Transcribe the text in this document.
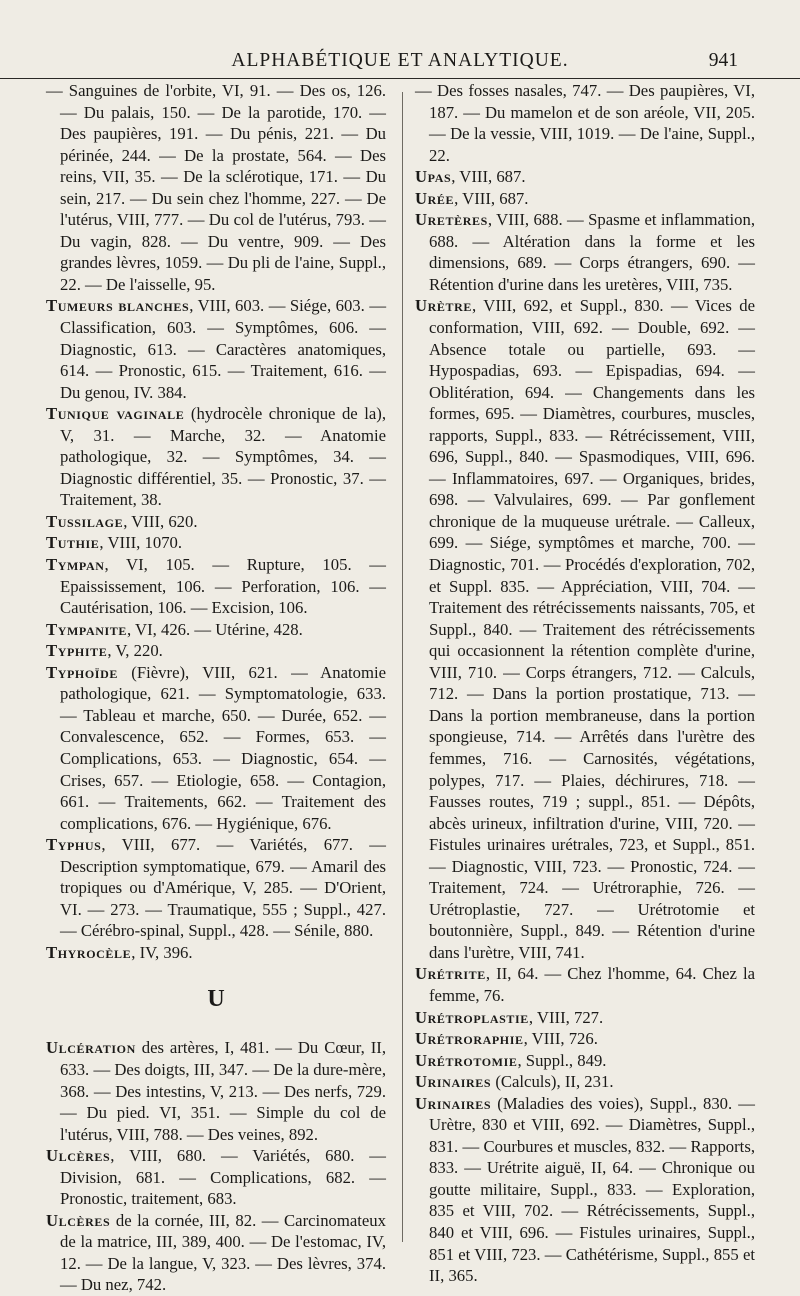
ALPHABÉTIQUE ET ANALYTIQUE.	941

— Sanguines de l'orbite, VI, 91. — Des os, 126. — Du palais, 150. — De la parotide, 170. — Des paupières, 191. — Du pénis, 221. — Du périnée, 244. — De la prostate, 564. — Des reins, VII, 35. — De la sclérotique, 171. — Du sein, 217. — Du sein chez l'homme, 227. — De l'utérus, VIII, 777. — Du col de l'utérus, 793. — Du vagin, 828. — Du ventre, 909. — Des grandes lèvres, 1059. — Du pli de l'aine, Suppl., 22. — De l'aisselle, 95.

Tumeurs blanches, VIII, 603. — Siége, 603. — Classification, 603. — Symptômes, 606. — Diagnostic, 613. — Caractères anatomiques, 614. — Pronostic, 615. — Traitement, 616. — Du genou, IV. 384.

Tunique vaginale (hydrocèle chronique de la), V, 31. — Marche, 32. — Anatomie pathologique, 32. — Symptômes, 34. — Diagnostic différentiel, 35. — Pronostic, 37. — Traitement, 38.

Tussilage, VIII, 620.

Tuthie, VIII, 1070.

Tympan, VI, 105. — Rupture, 105. — Epaississement, 106. — Perforation, 106. — Cautérisation, 106. — Excision, 106.

Tympanite, VI, 426. — Utérine, 428.

Typhite, V, 220.

Typhoïde (Fièvre), VIII, 621. — Anatomie pathologique, 621. — Symptomatologie, 633. — Tableau et marche, 650. — Durée, 652. — Convalescence, 652. — Formes, 653. — Complications, 653. — Diagnostic, 654. — Crises, 657. — Etiologie, 658. — Contagion, 661. — Traitements, 662. — Traitement des complications, 676. — Hygiénique, 676.

Typhus, VIII, 677. — Variétés, 677. — Description symptomatique, 679. — Amaril des tropiques ou d'Amérique, V, 285. — D'Orient, VI. — 273. — Traumatique, 555 ; Suppl., 427. — Cérébro-spinal, Suppl., 428. — Sénile, 880.

Thyrocèle, IV, 396.

U

Ulcération des artères, I, 481. — Du Cœur, II, 633. — Des doigts, III, 347. — De la dure-mère, 368. — Des intestins, V, 213. — Des nerfs, 729. — Du pied. VI, 351. — Simple du col de l'utérus, VIII, 788. — Des veines, 892.

Ulcères, VIII, 680. — Variétés, 680. — Division, 681. — Complications, 682. — Pronostic, traitement, 683.

Ulcères de la cornée, III, 82. — Carcinomateux de la matrice, III, 389, 400. — De l'estomac, IV, 12. — De la langue, V, 323. — Des lèvres, 374. — Du nez, 742.

— Des fosses nasales, 747. — Des paupières, VI, 187. — Du mamelon et de son aréole, VII, 205. — De la vessie, VIII, 1019. — De l'aine, Suppl., 22.

Upas, VIII, 687.

Urée, VIII, 687.

Uretères, VIII, 688. — Spasme et inflammation, 688. — Altération dans la forme et les dimensions, 689. — Corps étrangers, 690. — Rétention d'urine dans les uretères, VIII, 735.

Urètre, VIII, 692, et Suppl., 830. — Vices de conformation, VIII, 692. — Double, 692. — Absence totale ou partielle, 693. — Hypospadias, 693. — Epispadias, 694. — Oblitération, 694. — Changements dans les formes, 695. — Diamètres, courbures, muscles, rapports, Suppl., 833. — Rétrécissement, VIII, 696, Suppl., 840. — Spasmodiques, VIII, 696. — Inflammatoires, 697. — Organiques, brides, 698. — Valvulaires, 699. — Par gonflement chronique de la muqueuse urétrale. — Calleux, 699. — Siége, symptômes et marche, 700. — Diagnostic, 701. — Procédés d'exploration, 702, et Suppl. 835. — Appréciation, VIII, 704. — Traitement des rétrécissements naissants, 705, et Suppl., 840. — Traitement des rétrécissements qui occasionnent la rétention complète d'urine, VIII, 710. — Corps étrangers, 712. — Calculs, 712. — Dans la portion prostatique, 713. — Dans la portion membraneuse, dans la portion spongieuse, 714. — Arrêtés dans l'urètre des femmes, 716. — Carnosités, végétations, polypes, 717. — Plaies, déchirures, 718. — Fausses routes, 719 ; suppl., 851. — Dépôts, abcès urineux, infiltration d'urine, VIII, 720. — Fistules urinaires urétrales, 723, et Suppl., 851. — Diagnostic, VIII, 723. — Pronostic, 724. — Traitement, 724. — Urétroraphie, 726. — Urétroplastie, 727. — Urétrotomie et boutonnière, Suppl., 849. — Rétention d'urine dans l'urètre, VIII, 741.

Urétrite, II, 64. — Chez l'homme, 64. Chez la femme, 76.

Urétroplastie, VIII, 727.

Urétroraphie, VIII, 726.

Urétrotomie, Suppl., 849.

Urinaires (Calculs), II, 231.

Urinaires (Maladies des voies), Suppl., 830. — Urètre, 830 et VIII, 692. — Diamètres, Suppl., 831. — Courbures et muscles, 832. — Rapports, 833. — Urétrite aiguë, II, 64. — Chronique ou goutte militaire, Suppl., 833. — Exploration, 835 et VIII, 702. — Rétrécissements, Suppl., 840 et VIII, 696. — Fistules urinaires, Suppl., 851 et VIII, 723. — Cathétérisme, Suppl., 855 et II, 365.
